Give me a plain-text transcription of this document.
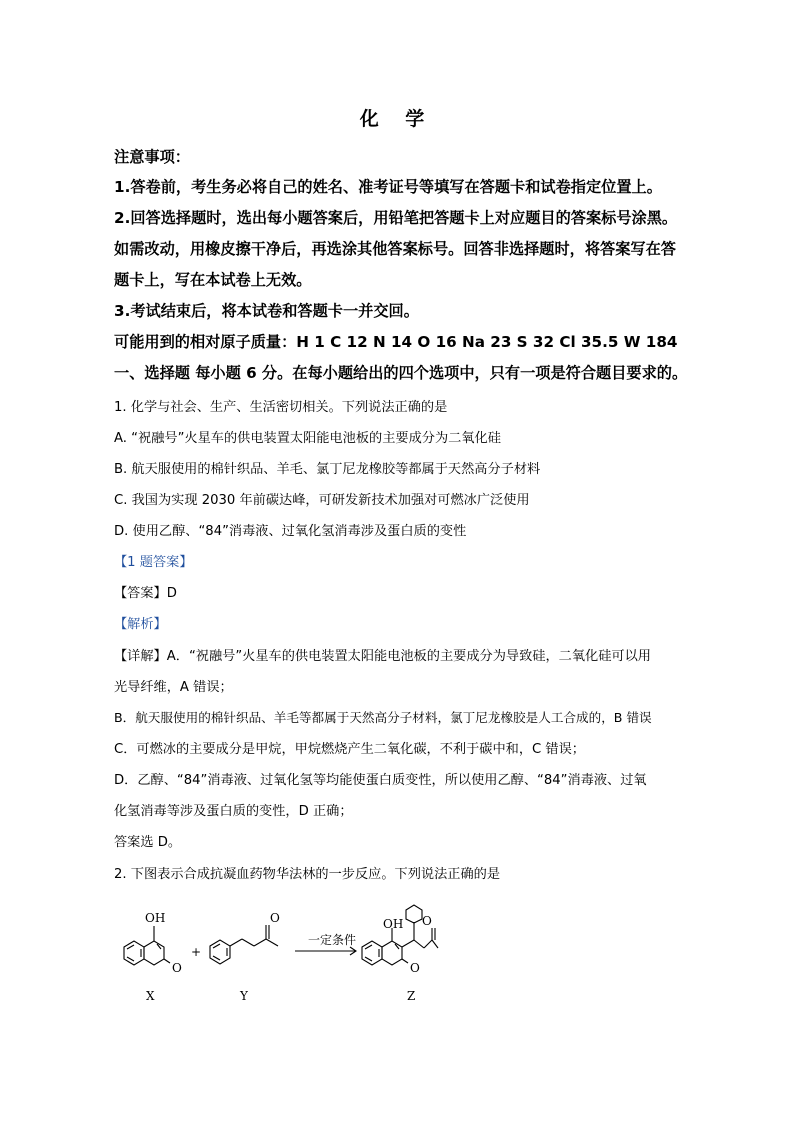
化 学
注意事项：
1.答卷前，考生务必将自己的姓名、准考证号等填写在答题卡和试卷指定位置上。
2.回答选择题时，选出每小题答案后，用铅笔把答题卡上对应题目的答案标号涂黑。
如需改动，用橡皮擦干净后，再选涂其他答案标号。回答非选择题时，将答案写在答
题卡上，写在本试卷上无效。
3.考试结束后，将本试卷和答题卡一并交回。
可能用到的相对原子质量：H 1 C 12 N 14 O 16 Na 23 S 32 Cl 35.5 W 184
一、选择题 每小题 6 分。在每小题给出的四个选项中，只有一项是符合题目要求的。
1. 化学与社会、生产、生活密切相关。下列说法正确的是
A. “祝融号”火星车的供电装置太阳能电池板的主要成分为二氧化硅
B. 航天服使用的棉针织品、羊毛、氯丁尼龙橡胶等都属于天然高分子材料
C. 我国为实现 2030 年前碳达峰，可研发新技术加强对可燃冰广泛使用
D. 使用乙醇、“84”消毒液、过氧化氢消毒涉及蛋白质的变性
【1 题答案】
【答案】D
【解析】
【详解】A．“祝融号”火星车的供电装置太阳能电池板的主要成分为导致硅，二氧化硅可以用
光导纤维，A 错误；
B．航天服使用的棉针织品、羊毛等都属于天然高分子材料，氯丁尼龙橡胶是人工合成的，B 错误
C．可燃冰的主要成分是甲烷，甲烷燃烧产生二氧化碳，不利于碳中和，C 错误；
D．乙醇、“84”消毒液、过氧化氢等均能使蛋白质变性，所以使用乙醇、“84”消毒液、过氧
化氢消毒等涉及蛋白质的变性，D 正确；
答案选 D。
2. 下图表示合成抗凝血药物华法林的一步反应。下列说法正确的是
OH
O
O
+
一定条件
OH
O
O
X	Y	Z
